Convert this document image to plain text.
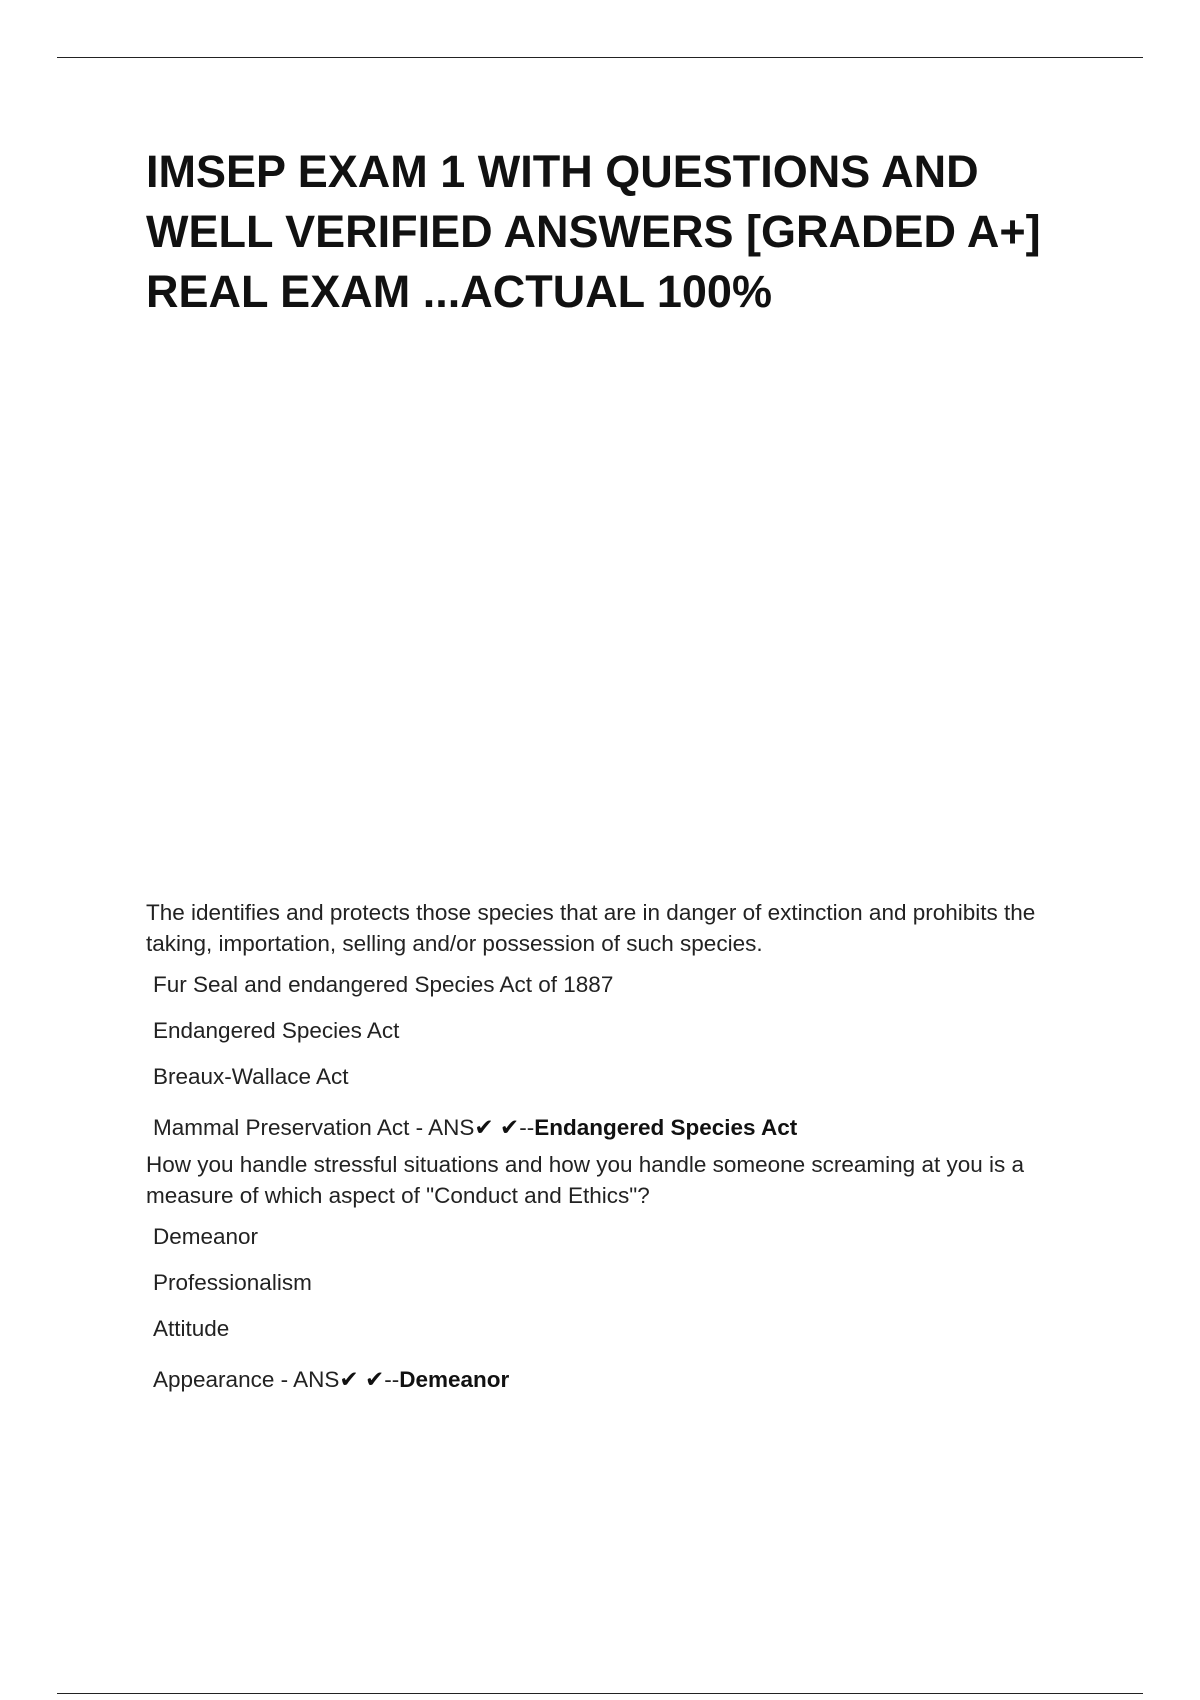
IMSEP EXAM 1 WITH QUESTIONS AND WELL VERIFIED ANSWERS [GRADED A+] REAL EXAM ...ACTUAL 100%

The identifies and protects those species that are in danger of extinction and prohibits the taking, importation, selling and/or possession of such species.

Fur Seal and endangered Species Act of 1887
Endangered Species Act
Breaux-Wallace Act
Mammal Preservation Act - ANS✔ ✔--Endangered Species Act

How you handle stressful situations and how you handle someone screaming at you is a measure of which aspect of "Conduct and Ethics"?

Demeanor
Professionalism
Attitude
Appearance - ANS✔ ✔--Demeanor
